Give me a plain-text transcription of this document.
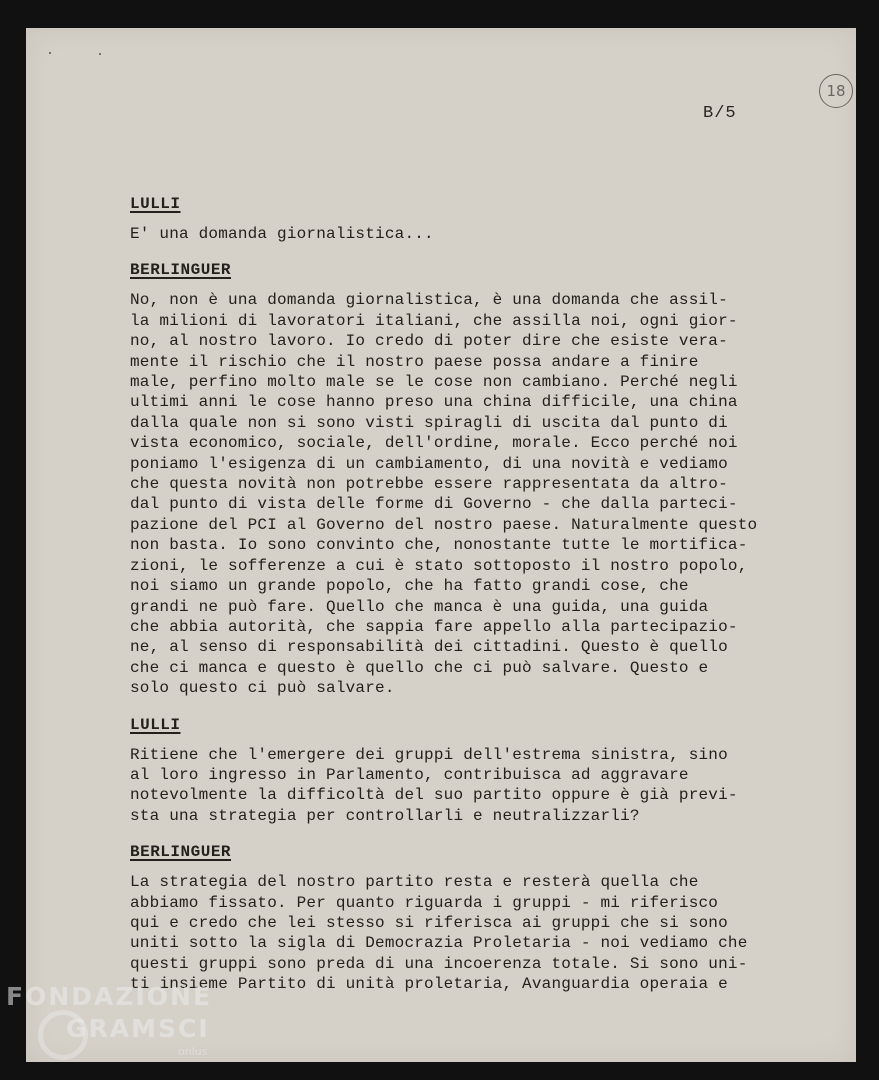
18
B/5

LULLI

E' una domanda giornalistica...

BERLINGUER

No, non è una domanda giornalistica, è una domanda che assil-
la milioni di lavoratori italiani, che assilla noi, ogni gior-
no, al nostro lavoro. Io credo di poter dire che esiste vera-
mente il rischio che il nostro paese possa andare a finire
male, perfino molto male se le cose non cambiano. Perché negli
ultimi anni le cose hanno preso una china difficile, una china
dalla quale non si sono visti spiragli di uscita dal punto di
vista economico, sociale, dell'ordine, morale. Ecco perché noi
poniamo l'esigenza di un cambiamento, di una novità e vediamo
che questa novità non potrebbe essere rappresentata da altro-
dal punto di vista delle forme di Governo - che dalla parteci-
pazione del PCI al Governo del nostro paese. Naturalmente questo
non basta. Io sono convinto che, nonostante tutte le mortifica-
zioni, le sofferenze a cui è stato sottoposto il nostro popolo,
noi siamo un grande popolo, che ha fatto grandi cose, che
grandi ne può fare. Quello che manca è una guida, una guida
che abbia autorità, che sappia fare appello alla partecipazio-
ne, al senso di responsabilità dei cittadini. Questo è quello
che ci manca e questo è quello che ci può salvare. Questo e
solo questo ci può salvare.

LULLI

Ritiene che l'emergere dei gruppi dell'estrema sinistra, sino
al loro ingresso in Parlamento, contribuisca ad aggravare
notevolmente la difficoltà del suo partito oppure è già previ-
sta una strategia per controllarli e neutralizzarli?

BERLINGUER

La strategia del nostro partito resta e resterà quella che
abbiamo fissato. Per quanto riguarda i gruppi - mi riferisco
qui e credo che lei stesso si riferisca ai gruppi che si sono
uniti sotto la sigla di Democrazia Proletaria - noi vediamo che
questi gruppi sono preda di una incoerenza totale. Si sono uni-
ti insieme Partito di unità proletaria, Avanguardia operaia e

FONDAZIONE
GRAMSCI
onlus
